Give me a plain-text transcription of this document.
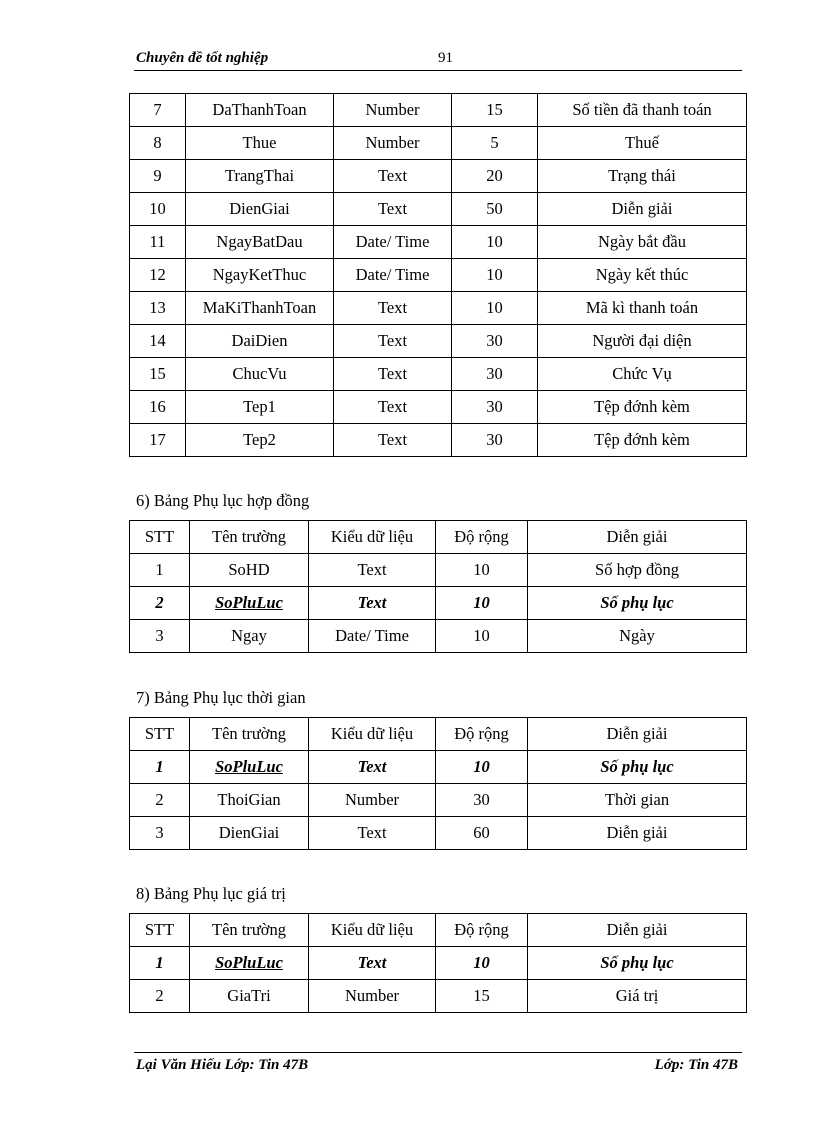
Chuyên đề tốt nghiệp	91
7	DaThanhToan	Number	15	Số tiền đã thanh toán
8	Thue	Number	5	Thuế
9	TrangThai	Text	20	Trạng thái
10	DienGiai	Text	50	Diễn giải
11	NgayBatDau	Date/ Time	10	Ngày bắt đầu
12	NgayKetThuc	Date/ Time	10	Ngày kết thúc
13	MaKiThanhToan	Text	10	Mã kì thanh toán
14	DaiDien	Text	30	Người đại diện
15	ChucVu	Text	30	Chức Vụ
16	Tep1	Text	30	Tệp đớnh kèm
17	Tep2	Text	30	Tệp đớnh kèm
6) Bảng Phụ lục hợp đồng
STT	Tên trường	Kiểu dữ liệu	Độ rộng	Diễn giải
1	SoHD	Text	10	Số hợp đồng
2	SoPluLuc	Text	10	Số phụ lục
3	Ngay	Date/ Time	10	Ngày
7) Bảng Phụ lục thời gian
STT	Tên trường	Kiểu dữ liệu	Độ rộng	Diễn giải
1	SoPluLuc	Text	10	Số phụ lục
2	ThoiGian	Number	30	Thời gian
3	DienGiai	Text	60	Diễn giải
8) Bảng Phụ lục giá trị
STT	Tên trường	Kiểu dữ liệu	Độ rộng	Diễn giải
1	SoPluLuc	Text	10	Số phụ lục
2	GiaTri	Number	15	Giá trị
Lại Văn Hiếu Lớp: Tin 47B	Lớp: Tin 47B
